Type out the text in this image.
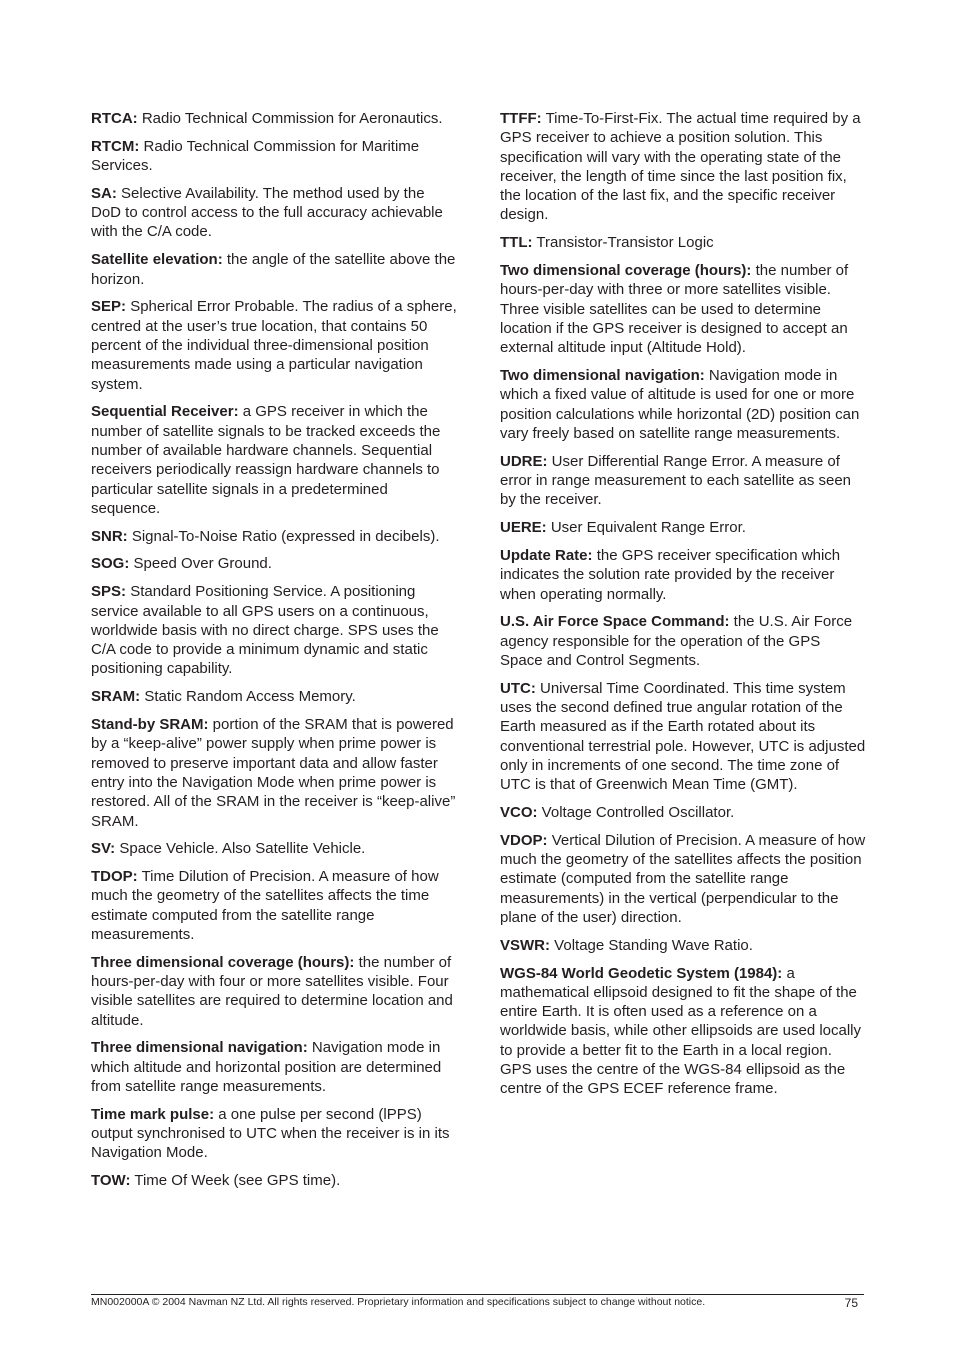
RTCA: Radio Technical Commission for Aeronautics.

RTCM: Radio Technical Commission for Maritime Services.

SA: Selective Availability. The method used by the DoD to control access to the full accuracy achievable with the C/A code.

Satellite elevation: the angle of the satellite above the horizon.

SEP: Spherical Error Probable. The radius of a sphere, centred at the user’s true location, that contains 50 percent of the individual three-dimensional position measurements made using a particular navigation system.

Sequential Receiver: a GPS receiver in which the number of satellite signals to be tracked exceeds the number of available hardware channels. Sequential receivers periodically reassign hardware channels to particular satellite signals in a predetermined sequence.

SNR: Signal-To-Noise Ratio (expressed in decibels).

SOG: Speed Over Ground.

SPS: Standard Positioning Service. A positioning service available to all GPS users on a continuous, worldwide basis with no direct charge. SPS uses the C/A code to provide a minimum dynamic and static positioning capability.

SRAM: Static Random Access Memory.

Stand-by SRAM: portion of the SRAM that is powered by a “keep-alive” power supply when prime power is removed to preserve important data and allow faster entry into the Navigation Mode when prime power is restored. All of the SRAM in the receiver is “keep-alive” SRAM.

SV: Space Vehicle. Also Satellite Vehicle.

TDOP: Time Dilution of Precision. A measure of how much the geometry of the satellites affects the time estimate computed from the satellite range measurements.

Three dimensional coverage (hours): the number of hours-per-day with four or more satellites visible. Four visible satellites are required to determine location and altitude.

Three dimensional navigation: Navigation mode in which altitude and horizontal position are determined from satellite range measurements.

Time mark pulse: a one pulse per second (lPPS) output synchronised to UTC when the receiver is in its Navigation Mode.

TOW: Time Of Week (see GPS time).

TTFF: Time-To-First-Fix. The actual time required by a GPS receiver to achieve a position solution. This specification will vary with the operating state of the receiver, the length of time since the last position fix, the location of the last fix, and the specific receiver design.

TTL: Transistor-Transistor Logic

Two dimensional coverage (hours): the number of hours-per-day with three or more satellites visible. Three visible satellites can be used to determine location if the GPS receiver is designed to accept an external altitude input (Altitude Hold).

Two dimensional navigation: Navigation mode in which a fixed value of altitude is used for one or more position calculations while horizontal (2D) position can vary freely based on satellite range measurements.

UDRE: User Differential Range Error. A measure of error in range measurement to each satellite as seen by the receiver.

UERE: User Equivalent Range Error.

Update Rate: the GPS receiver specification which indicates the solution rate provided by the receiver when operating normally.

U.S. Air Force Space Command: the U.S. Air Force agency responsible for the operation of the GPS Space and Control Segments.

UTC: Universal Time Coordinated. This time system uses the second defined true angular rotation of the Earth measured as if the Earth rotated about its conventional terrestrial pole. However, UTC is adjusted only in increments of one second. The time zone of UTC is that of Greenwich Mean Time (GMT).

VCO: Voltage Controlled Oscillator.

VDOP: Vertical Dilution of Precision. A measure of how much the geometry of the satellites affects the position estimate (computed from the satellite range measurements) in the vertical (perpendicular to the plane of the user) direction.

VSWR: Voltage Standing Wave Ratio.

WGS-84 World Geodetic System (1984): a mathematical ellipsoid designed to fit the shape of the entire Earth. It is often used as a reference on a worldwide basis, while other ellipsoids are used locally to provide a better fit to the Earth in a local region. GPS uses the centre of the WGS-84 ellipsoid as the centre of the GPS ECEF reference frame.

MN002000A © 2004 Navman NZ Ltd. All rights reserved. Proprietary information and specifications subject to change without notice.	75
